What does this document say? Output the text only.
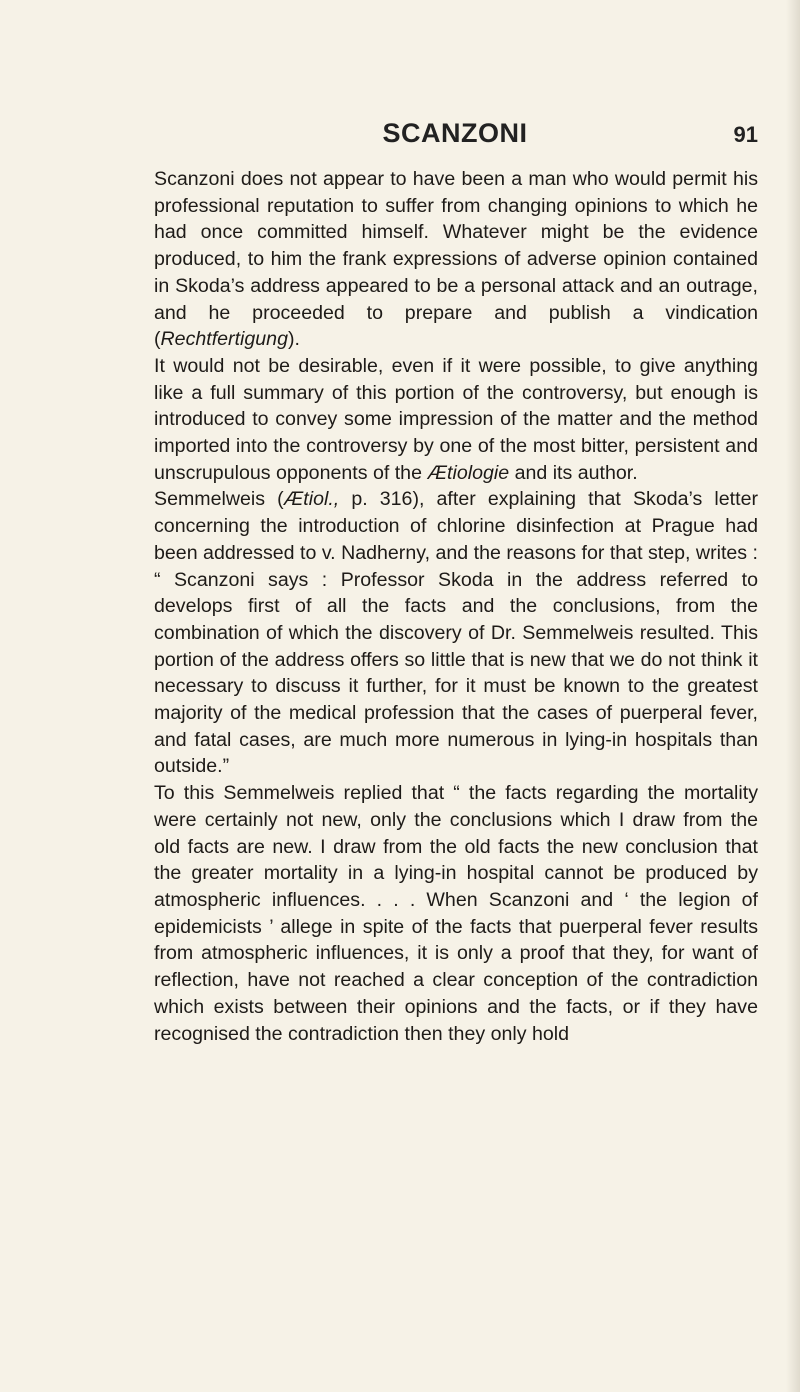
SCANZONI	91

Scanzoni does not appear to have been a man who would permit his professional reputation to suffer from changing opinions to which he had once committed himself. Whatever might be the evidence produced, to him the frank expressions of adverse opinion contained in Skoda’s address appeared to be a personal attack and an outrage, and he proceeded to prepare and publish a vindication (Rechtfertigung).

It would not be desirable, even if it were possible, to give anything like a full summary of this portion of the controversy, but enough is introduced to convey some impression of the matter and the method imported into the controversy by one of the most bitter, persistent and unscrupulous opponents of the Ætiologie and its author.

Semmelweis (Ætiol., p. 316), after explaining that Skoda’s letter concerning the introduction of chlorine disinfection at Prague had been addressed to v. Nadherny, and the reasons for that step, writes : “ Scanzoni says : Professor Skoda in the address referred to develops first of all the facts and the conclusions, from the combination of which the discovery of Dr. Semmelweis resulted. This portion of the address offers so little that is new that we do not think it necessary to discuss it further, for it must be known to the greatest majority of the medical profession that the cases of puerperal fever, and fatal cases, are much more numerous in lying-in hospitals than outside.”

To this Semmelweis replied that “ the facts regarding the mortality were certainly not new, only the conclusions which I draw from the old facts are new. I draw from the old facts the new conclusion that the greater mortality in a lying-in hospital cannot be produced by atmospheric influences. . . . When Scanzoni and ‘ the legion of epidemicists ’ allege in spite of the facts that puerperal fever results from atmospheric influences, it is only a proof that they, for want of reflection, have not reached a clear conception of the contradiction which exists between their opinions and the facts, or if they have recognised the contradiction then they only hold
